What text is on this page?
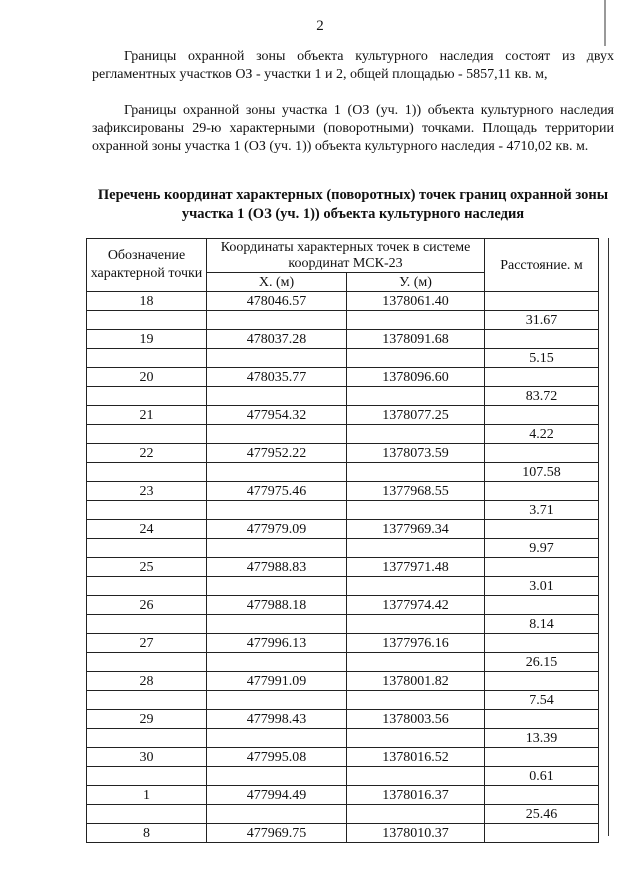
2
Границы охранной зоны объекта культурного наследия состоят из двух регламентных участков ОЗ - участки 1 и 2, общей площадью - 5857,11 кв. м,
Границы охранной зоны участка 1 (ОЗ (уч. 1)) объекта культурного наследия зафиксированы 29-ю характерными (поворотными) точками. Площадь территории охранной зоны участка 1 (ОЗ (уч. 1)) объекта культурного наследия - 4710,02 кв. м.
Перечень координат характерных (поворотных) точек границ охранной зоны участка 1 (ОЗ (уч. 1)) объекта культурного наследия
Обозначение характерной точки	Координаты характерных точек в системе координат МСК-23		Расстояние. м
	X. (м)	У. (м)	
18	478046.57	1378061.40	
			31.67
19	478037.28	1378091.68	
			5.15
20	478035.77	1378096.60	
			83.72
21	477954.32	1378077.25	
			4.22
22	477952.22	1378073.59	
			107.58
23	477975.46	1377968.55	
			3.71
24	477979.09	1377969.34	
			9.97
25	477988.83	1377971.48	
			3.01
26	477988.18	1377974.42	
			8.14
27	477996.13	1377976.16	
			26.15
28	477991.09	1378001.82	
			7.54
29	477998.43	1378003.56	
			13.39
30	477995.08	1378016.52	
			0.61
1	477994.49	1378016.37	
			25.46
8	477969.75	1378010.37	
